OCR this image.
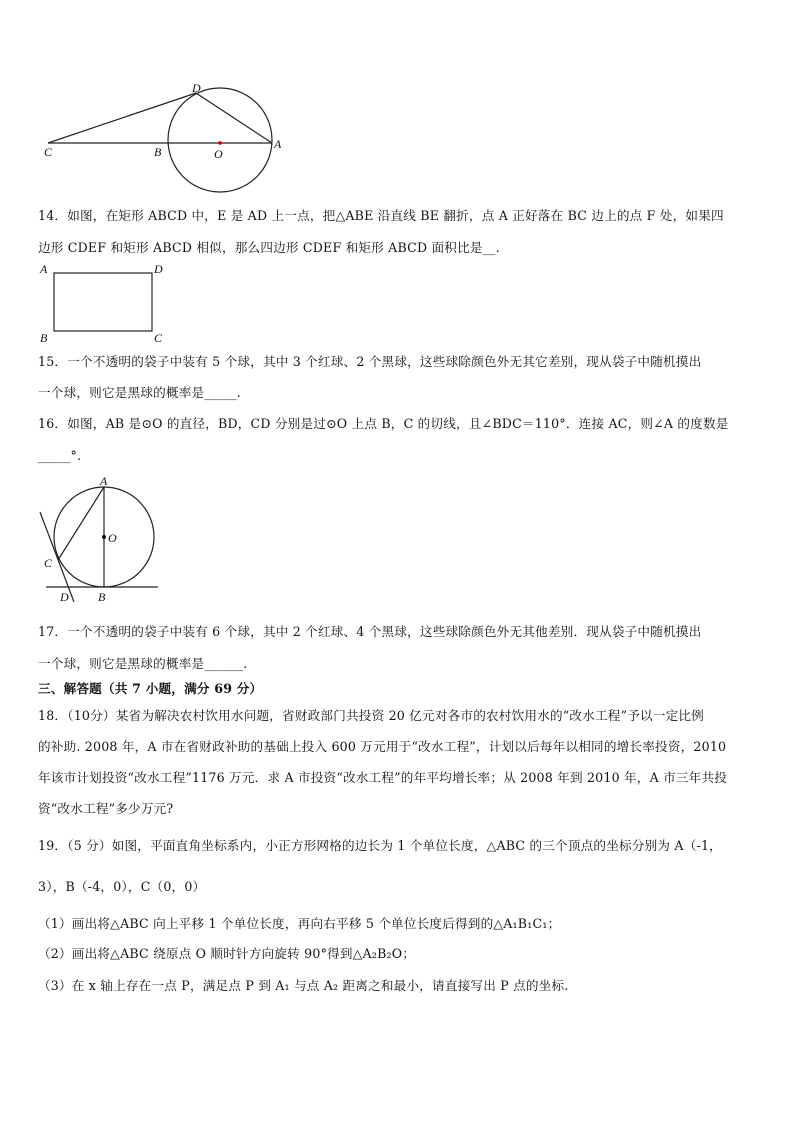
D
C	B	O
A
14．如图，在矩形 ABCD 中，E 是 AD 上一点，把△ABE 沿直线 BE 翻折，点 A 正好落在 BC 边上的点 F 处，如果四
边形 CDEF 和矩形 ABCD 相似，那么四边形 CDEF 和矩形 ABCD 面积比是__.
A	D
B	C
15．一个不透明的袋子中装有 5 个球，其中 3 个红球、2 个黑球，这些球除颜色外无其它差别，现从袋子中随机摸出
一个球，则它是黑球的概率是_____.
16．如图，AB 是⊙O 的直径，BD，CD 分别是过⊙O 上点 B，C 的切线，且∠BDC＝110°．连接 AC，则∠A 的度数是
_____°.
A
O
C
D B
17．一个不透明的袋子中装有 6 个球，其中 2 个红球、4 个黑球，这些球除颜色外无其他差别．现从袋子中随机摸出
一个球，则它是黑球的概率是______.
三、解答题（共 7 小题，满分 69 分）
18．（10分）某省为解决农村饮用水问题，省财政部门共投资 20 亿元对各市的农村饮用水的“改水工程”予以一定比例
的补助. 2008 年，A 市在省财政补助的基础上投入 600 万元用于“改水工程”，计划以后每年以相同的增长率投资，2010
年该市计划投资“改水工程”1176 万元．求 A 市投资“改水工程”的年平均增长率；从 2008 年到 2010 年，A 市三年共投
资“改水工程”多少万元?
19．（5 分）如图，平面直角坐标系内，小正方形网格的边长为 1 个单位长度，△ABC 的三个顶点的坐标分别为 A（-1，
3），B（-4，0），C（0，0）
（1）画出将△ABC 向上平移 1 个单位长度，再向右平移 5 个单位长度后得到的△A₁B₁C₁；
（2）画出将△ABC 绕原点 O 顺时针方向旋转 90°得到△A₂B₂O；
（3）在 x 轴上存在一点 P，满足点 P 到 A₁ 与点 A₂ 距离之和最小，请直接写出 P 点的坐标.
